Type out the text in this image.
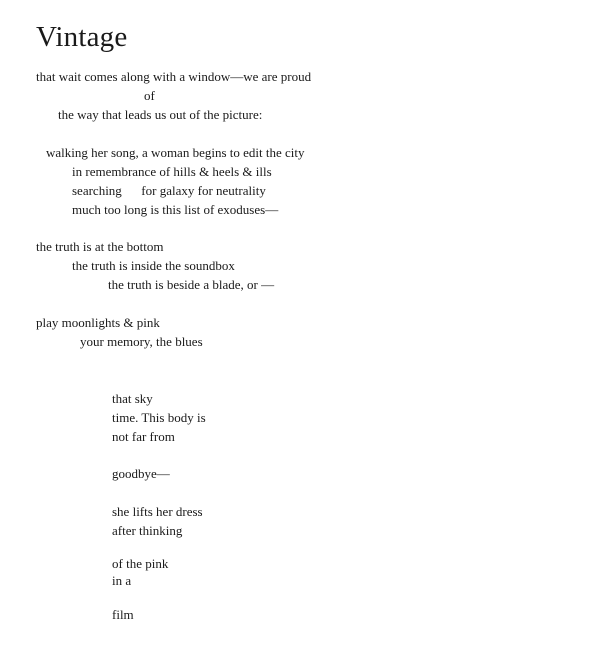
Vintage
that wait comes along with a window—we are proud
of
the way that leads us out of the picture:
walking her song, a woman begins to edit the city
in remembrance of hills & heels & ills
searching      for galaxy for neutrality
much too long is this list of exoduses—
the truth is at the bottom
the truth is inside the soundbox
the truth is beside a blade, or —
play moonlights & pink
your memory, the blues
that sky
time. This body is
not far from
goodbye—
she lifts her dress
after thinking
of the pink
in a
film
